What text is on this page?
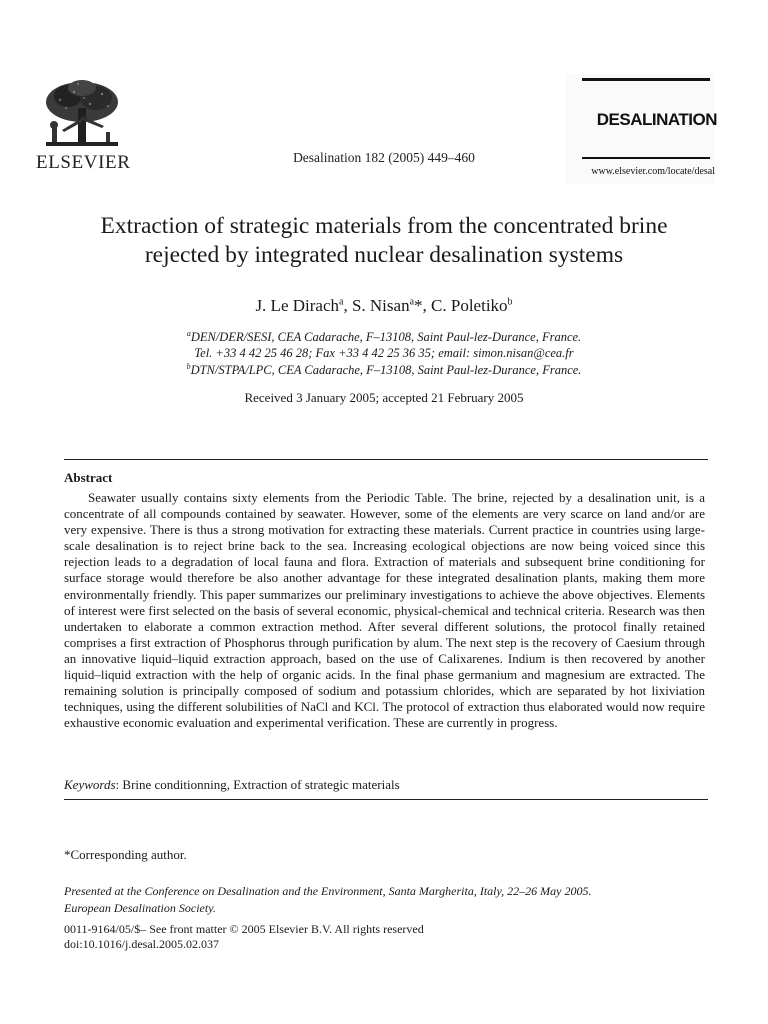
ELSEVIER	Desalination 182 (2005) 449–460
DESALINATION
www.elsevier.com/locate/desal
Extraction of strategic materials from the concentrated brine
rejected by integrated nuclear desalination systems
J. Le Dirach$^a$, S. Nisan$^a$*, C. Poletiko$^b$
$^a$DEN/DER/SESI, CEA Cadarache, F–13108, Saint Paul-lez-Durance, France.
Tel. +33 4 42 25 46 28; Fax +33 4 42 25 36 35; email: simon.nisan@cea.fr
$^b$DTN/STPA/LPC, CEA Cadarache, F–13108, Saint Paul-lez-Durance, France.
Received 3 January 2005; accepted 21 February 2005
Abstract
Seawater usually contains sixty elements from the Periodic Table. The brine, rejected by a desalination unit, is a concentrate of all compounds contained by seawater. However, some of the elements are very scarce on land and/or are very expensive. There is thus a strong motivation for extracting these materials. Current practice in countries using large-scale desalination is to reject brine back to the sea. Increasing ecological objections are now being voiced since this rejection leads to a degradation of local fauna and flora. Extraction of materials and subsequent brine conditioning for surface storage would therefore be also another advantage for these integrated desalination plants, making them more environmentally friendly. This paper summarizes our preliminary investigations to achieve the above objectives. Elements of interest were first selected on the basis of several economic, physical-chemical and technical criteria. Research was then undertaken to elaborate a common extraction method. After several different solutions, the protocol finally retained comprises a first extraction of Phosphorus through purification by alum. The next step is the recovery of Caesium through an innovative liquid–liquid extraction approach, based on the use of Calixarenes. Indium is then recovered by another liquid–liquid extraction with the help of organic acids. In the final phase germanium and magnesium are extracted. The remaining solution is principally composed of sodium and potassium chlorides, which are separated by hot lixiviation techniques, using the different solubilities of NaCl and KCl. The protocol of extraction thus elaborated would now require exhaustive economic evaluation and experimental verification. These are currently in progress.
Keywords: Brine conditionning, Extraction of strategic materials
*Corresponding author.
Presented at the Conference on Desalination and the Environment, Santa Margherita, Italy, 22–26 May 2005.
European Desalination Society.
0011-9164/05/$– See front matter © 2005 Elsevier B.V. All rights reserved
doi:10.1016/j.desal.2005.02.037
